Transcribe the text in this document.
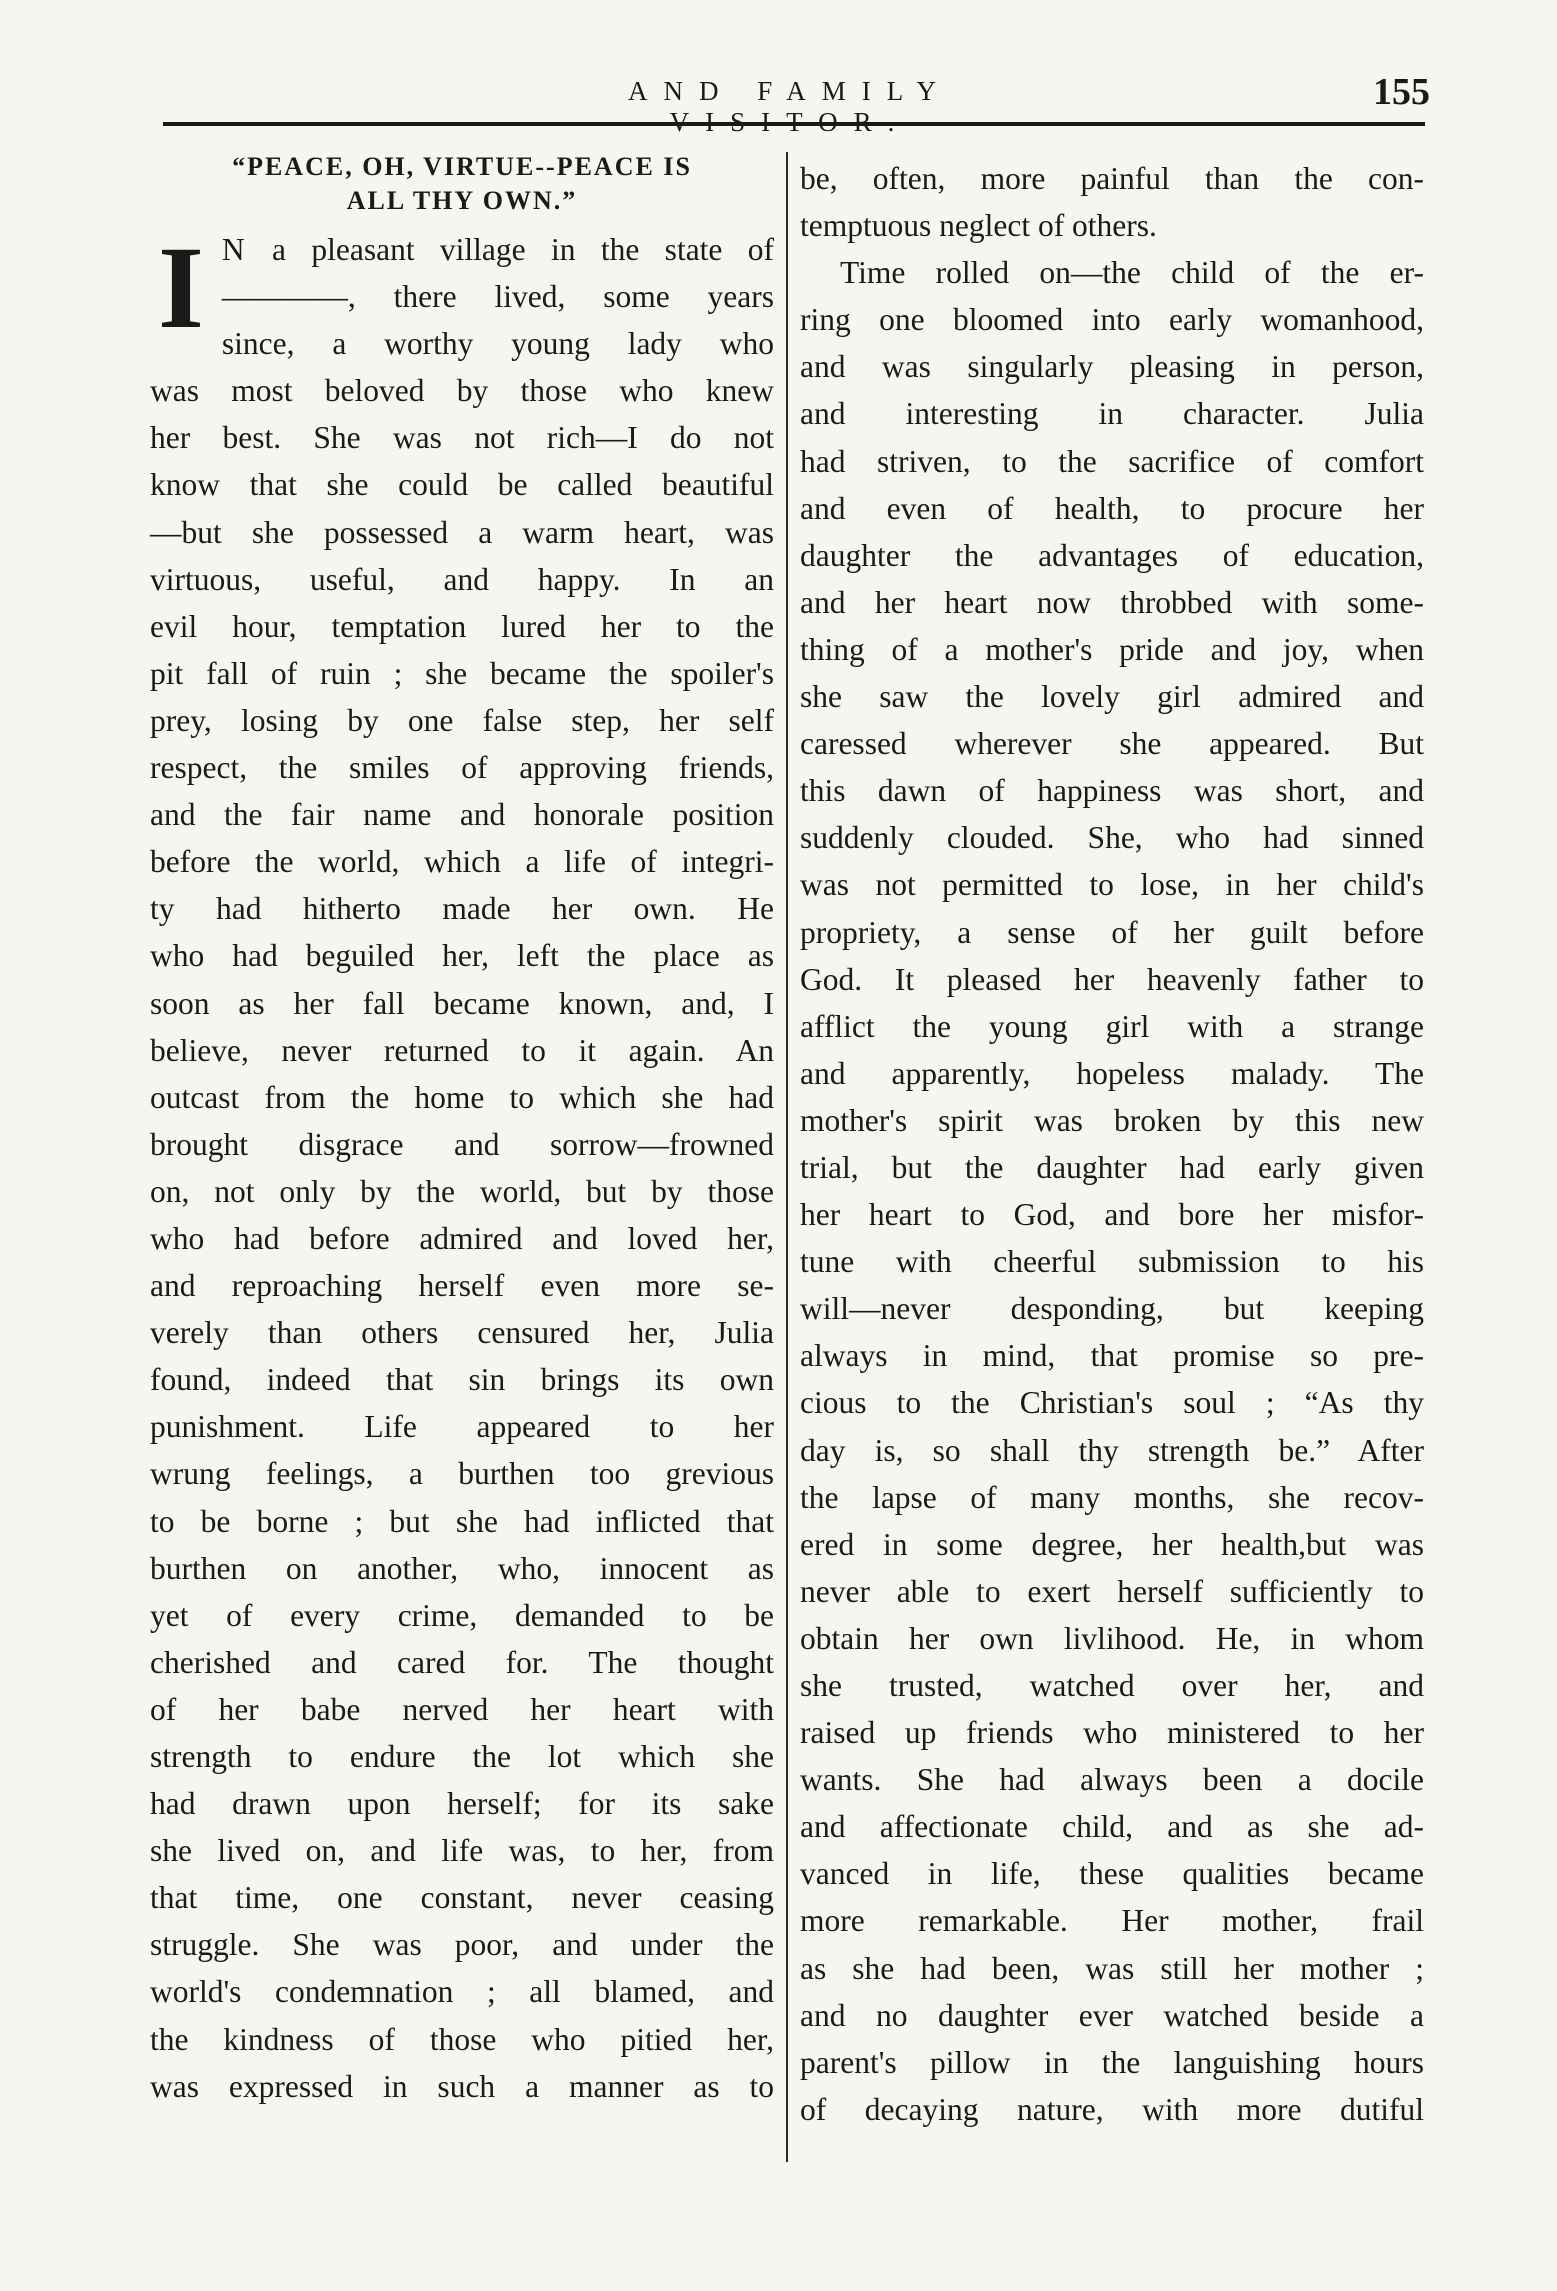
AND FAMILY	155
“PEACE, OH, VIRTUE--PEACE IS
ALL THY OWN.”
I N a pleasant village in the state of
————, there lived, some years
since, a worthy young lady who
was most beloved by those who knew
her best. She was not rich—I do not
know that she could be called beautiful
—but she possessed a warm heart, was
virtuous, useful, and happy. In an
evil hour, temptation lured her to the
pit fall of ruin ; she became the spoiler's
prey, losing by one false step, her self
respect, the smiles of approving friends,
and the fair name and honorale position
before the world, which a life of integri-
ty had hitherto made her own. He
who had beguiled her, left the place as
soon as her fall became known, and, I
believe, never returned to it again. An
outcast from the home to which she had
brought disgrace and sorrow—frowned
on, not only by the world, but by those
who had before admired and loved her,
and reproaching herself even more se-
verely than others censured her, Julia
found, indeed that sin brings its own
punishment. Life appeared to her
wrung feelings, a burthen too grevious
to be borne ; but she had inflicted that
burthen on another, who, innocent as
yet of every crime, demanded to be
cherished and cared for. The thought
of her babe nerved her heart with
strength to endure the lot which she
had drawn upon herself; for its sake
she lived on, and life was, to her, from
that time, one constant, never ceasing
struggle. She was poor, and under the
world's condemnation ; all blamed, and
the kindness of those who pitied her,
was expressed in such a manner as to
be, often, more painful than the con-
temptuous neglect of others.
Time rolled on—the child of the er-
ring one bloomed into early womanhood,
and was singularly pleasing in person,
and interesting in character. Julia
had striven, to the sacrifice of comfort
and even of health, to procure her
daughter the advantages of education,
and her heart now throbbed with some-
thing of a mother's pride and joy, when
she saw the lovely girl admired and
caressed wherever she appeared. But
this dawn of happiness was short, and
suddenly clouded. She, who had sinned
was not permitted to lose, in her child's
propriety, a sense of her guilt before
God. It pleased her heavenly father to
afflict the young girl with a strange
and apparently, hopeless malady. The
mother's spirit was broken by this new
trial, but the daughter had early given
her heart to God, and bore her misfor-
tune with cheerful submission to his
will—never desponding, but keeping
always in mind, that promise so pre-
cious to the Christian's soul ; “As thy
day is, so shall thy strength be.” After
the lapse of many months, she recov-
ered in some degree, her health,but was
never able to exert herself sufficiently to
obtain her own livlihood. He, in whom
she trusted, watched over her, and
raised up friends who ministered to her
wants. She had always been a docile
and affectionate child, and as she ad-
vanced in life, these qualities became
more remarkable. Her mother, frail
as she had been, was still her mother ;
and no daughter ever watched beside a
parent's pillow in the languishing hours
of decaying nature, with more dutiful
